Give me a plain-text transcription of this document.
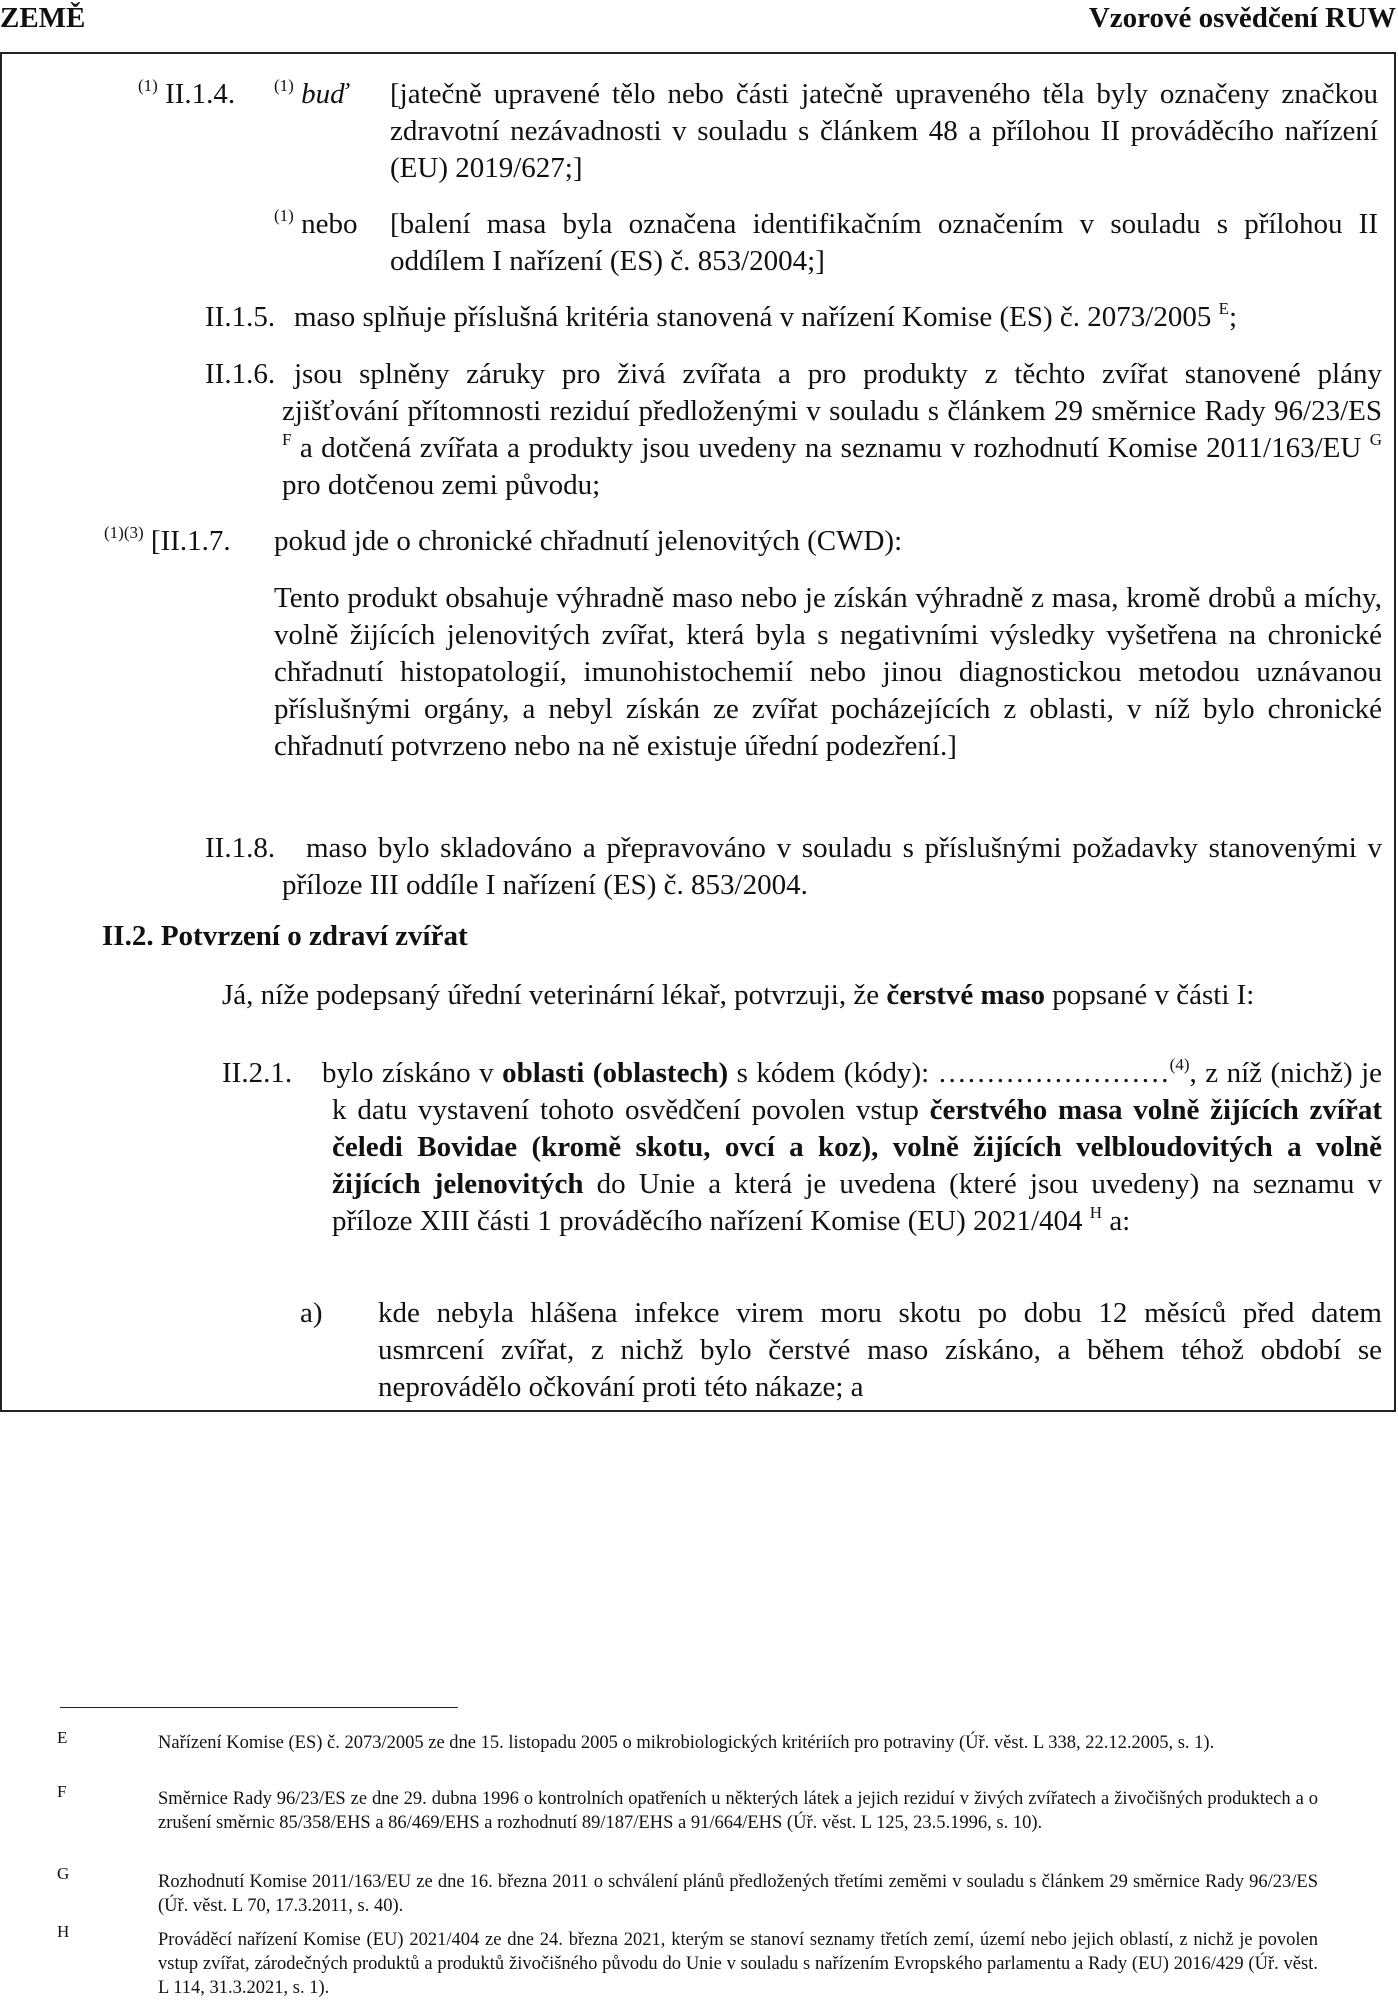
ZEMĚ	Vzorové osvědčení RUW
$^{(1)}$ II.1.4. $^{(1)}$ buď [jatečně upravené tělo nebo části jatečně upraveného těla byly označeny značkou zdravotní nezávadnosti v souladu s článkem 48 a přílohou II prováděcího nařízení (EU) 2019/627;]
$^{(1)}$ nebo [balení masa byla označena identifikačním označením v souladu s přílohou II oddílem I nařízení (ES) č. 853/2004;]
II.1.5. maso splňuje příslušná kritéria stanovená v nařízení Komise (ES) č. 2073/2005 $^E$;
II.1.6. jsou splněny záruky pro živá zvířata a pro produkty z těchto zvířat stanovené plány zjišťování přítomnosti reziduí předloženými v souladu s článkem 29 směrnice Rady 96/23/ES $^F$ a dotčená zvířata a produkty jsou uvedeny na seznamu v rozhodnutí Komise 2011/163/EU $^G$ pro dotčenou zemi původu;
$^{(1)(3)}$ [II.1.7. pokud jde o chronické chřadnutí jelenovitých (CWD):
Tento produkt obsahuje výhradně maso nebo je získán výhradně z masa, kromě drobů a míchy, volně žijících jelenovitých zvířat, která byla s negativními výsledky vyšetřena na chronické chřadnutí histopatologií, imunohistochemií nebo jinou diagnostickou metodou uznávanou příslušnými orgány, a nebyl získán ze zvířat pocházejících z oblasti, v níž bylo chronické chřadnutí potvrzeno nebo na ně existuje úřední podezření.]
II.1.8.	maso bylo skladováno a přepravováno v souladu s příslušnými požadavky stanovenými v příloze III oddíle I nařízení (ES) č. 853/2004.
II.2. Potvrzení o zdraví zvířat
Já, níže podepsaný úřední veterinární lékař, potvrzuji, že čerstvé maso popsané v části I:
II.2.1. bylo získáno v oblasti (oblastech) s kódem (kódy): ……………………$^{(4)}$, z níž (nichž) je k datu vystavení tohoto osvědčení povolen vstup čerstvého masa volně žijících zvířat čeledi Bovidae (kromě skotu, ovcí a koz), volně žijících velbloudovitých a volně žijících jelenovitých do Unie a která je uvedena (které jsou uvedeny) na seznamu v příloze XIII části 1 prováděcího nařízení Komise (EU) 2021/404 $^H$ a:
a) kde nebyla hlášena infekce virem moru skotu po dobu 12 měsíců před datem usmrcení zvířat, z nichž bylo čerstvé maso získáno, a během téhož období se neprovádělo očkování proti této nákaze; a
E	Nařízení Komise (ES) č. 2073/2005 ze dne 15. listopadu 2005 o mikrobiologických kritériích pro potraviny (Úř. věst. L 338, 22.12.2005, s. 1).
F	Směrnice Rady 96/23/ES ze dne 29. dubna 1996 o kontrolních opatřeních u některých látek a jejich reziduí v živých zvířatech a živočišných produktech a o zrušení směrnic 85/358/EHS a 86/469/EHS a rozhodnutí 89/187/EHS a 91/664/EHS (Úř. věst. L 125, 23.5.1996, s. 10).
G	Rozhodnutí Komise 2011/163/EU ze dne 16. března 2011 o schválení plánů předložených třetími zeměmi v souladu s článkem 29 směrnice Rady 96/23/ES (Úř. věst. L 70, 17.3.2011, s. 40).
H	Prováděcí nařízení Komise (EU) 2021/404 ze dne 24. března 2021, kterým se stanoví seznamy třetích zemí, území nebo jejich oblastí, z nichž je povolen vstup zvířat, zárodečných produktů a produktů živočišného původu do Unie v souladu s nařízením Evropského parlamentu a Rady (EU) 2016/429 (Úř. věst. L 114, 31.3.2021, s. 1).
